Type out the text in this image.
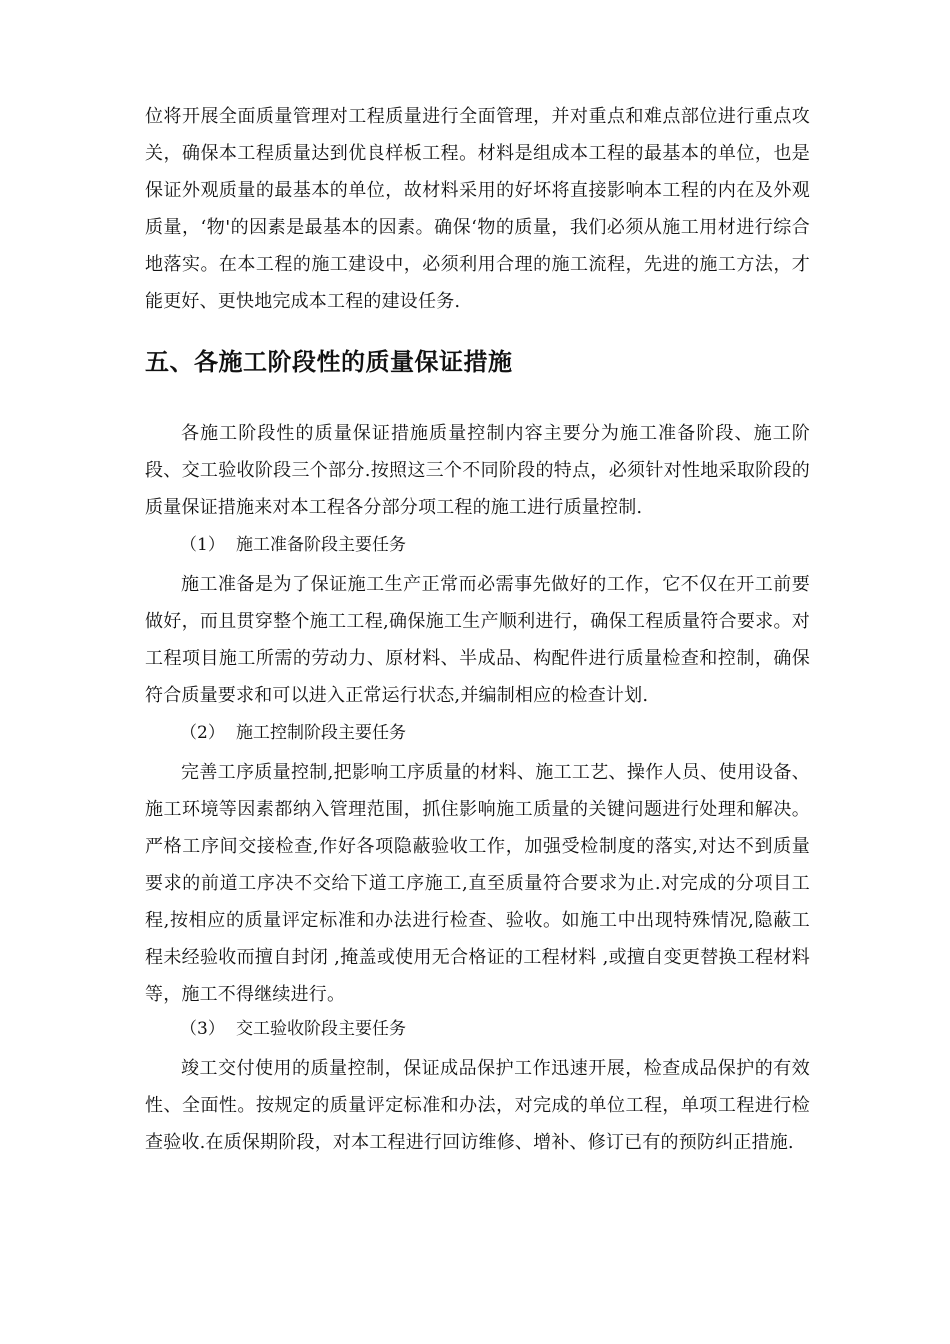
位将开展全面质量管理对工程质量进行全面管理，并对重点和难点部位进行重点攻关，确保本工程质量达到优良样板工程。材料是组成本工程的最基本的单位，也是保证外观质量的最基本的单位，故材料采用的好坏将直接影响本工程的内在及外观质量，‘物'的因素是最基本的因素。确保‘物的质量，我们必须从施工用材进行综合地落实。在本工程的施工建设中，必须利用合理的施工流程，先进的施工方法，才能更好、更快地完成本工程的建设任务.
五、各施工阶段性的质量保证措施
各施工阶段性的质量保证措施质量控制内容主要分为施工准备阶段、施工阶段、交工验收阶段三个部分.按照这三个不同阶段的特点，必须针对性地采取阶段的质量保证措施来对本工程各分部分项工程的施工进行质量控制.
（1） 施工准备阶段主要任务
施工准备是为了保证施工生产正常而必需事先做好的工作，它不仅在开工前要做好，而且贯穿整个施工工程,确保施工生产顺利进行，确保工程质量符合要求。对工程项目施工所需的劳动力、原材料、半成品、构配件进行质量检查和控制，确保符合质量要求和可以进入正常运行状态,并编制相应的检查计划.
（2） 施工控制阶段主要任务
完善工序质量控制,把影响工序质量的材料、施工工艺、操作人员、使用设备、施工环境等因素都纳入管理范围，抓住影响施工质量的关键问题进行处理和解决。严格工序间交接检查,作好各项隐蔽验收工作，加强受检制度的落实,对达不到质量要求的前道工序决不交给下道工序施工,直至质量符合要求为止.对完成的分项目工程,按相应的质量评定标准和办法进行检查、验收。如施工中出现特殊情况,隐蔽工程未经验收而擅自封闭 ,掩盖或使用无合格证的工程材料 ,或擅自变更替换工程材料等，施工不得继续进行。
（3） 交工验收阶段主要任务
竣工交付使用的质量控制，保证成品保护工作迅速开展，检查成品保护的有效性、全面性。按规定的质量评定标准和办法，对完成的单位工程，单项工程进行检查验收.在质保期阶段，对本工程进行回访维修、增补、修订已有的预防纠正措施.
